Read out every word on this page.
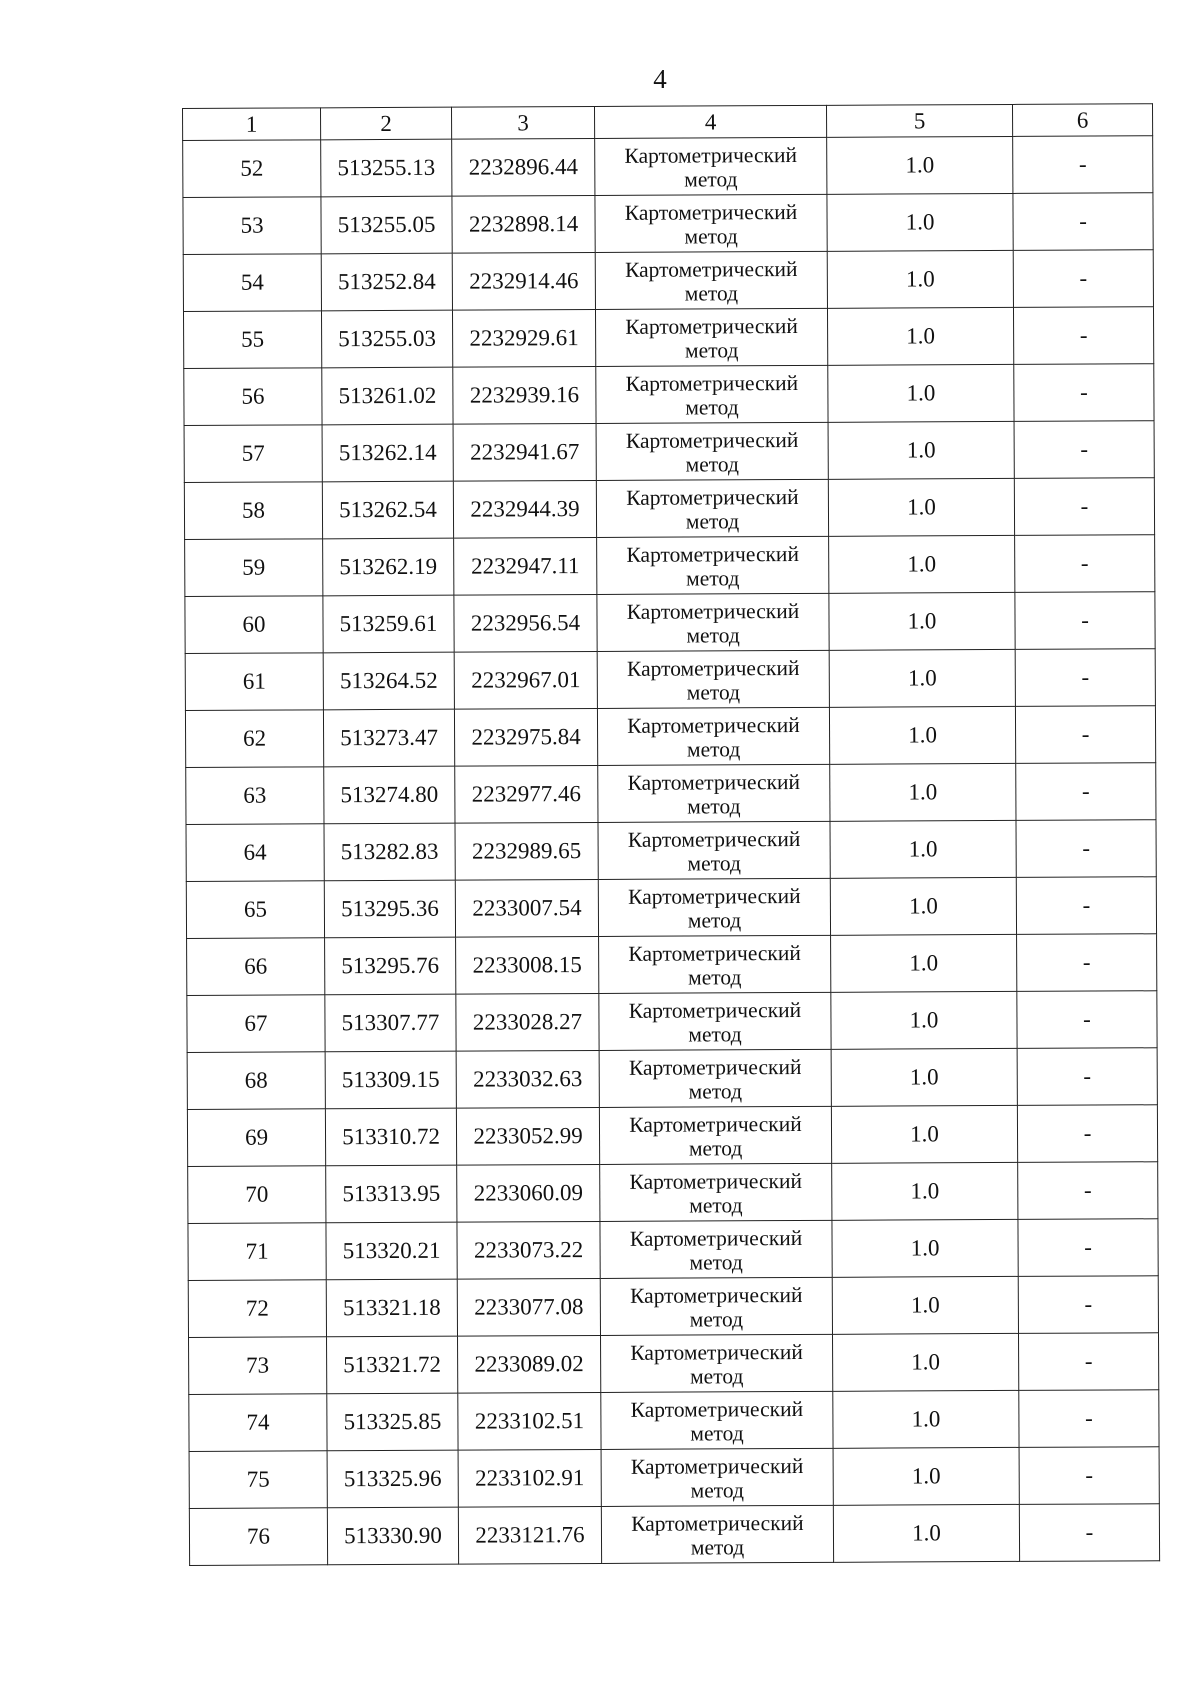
4
1	2	3	4	5	6
52	513255.13	2232896.44	Картометрический метод	1.0	-
53	513255.05	2232898.14	Картометрический метод	1.0	-
54	513252.84	2232914.46	Картометрический метод	1.0	-
55	513255.03	2232929.61	Картометрический метод	1.0	-
56	513261.02	2232939.16	Картометрический метод	1.0	-
57	513262.14	2232941.67	Картометрический метод	1.0	-
58	513262.54	2232944.39	Картометрический метод	1.0	-
59	513262.19	2232947.11	Картометрический метод	1.0	-
60	513259.61	2232956.54	Картометрический метод	1.0	-
61	513264.52	2232967.01	Картометрический метод	1.0	-
62	513273.47	2232975.84	Картометрический метод	1.0	-
63	513274.80	2232977.46	Картометрический метод	1.0	-
64	513282.83	2232989.65	Картометрический метод	1.0	-
65	513295.36	2233007.54	Картометрический метод	1.0	-
66	513295.76	2233008.15	Картометрический метод	1.0	-
67	513307.77	2233028.27	Картометрический метод	1.0	-
68	513309.15	2233032.63	Картометрический метод	1.0	-
69	513310.72	2233052.99	Картометрический метод	1.0	-
70	513313.95	2233060.09	Картометрический метод	1.0	-
71	513320.21	2233073.22	Картометрический метод	1.0	-
72	513321.18	2233077.08	Картометрический метод	1.0	-
73	513321.72	2233089.02	Картометрический метод	1.0	-
74	513325.85	2233102.51	Картометрический метод	1.0	-
75	513325.96	2233102.91	Картометрический метод	1.0	-
76	513330.90	2233121.76	Картометрический метод	1.0	-
